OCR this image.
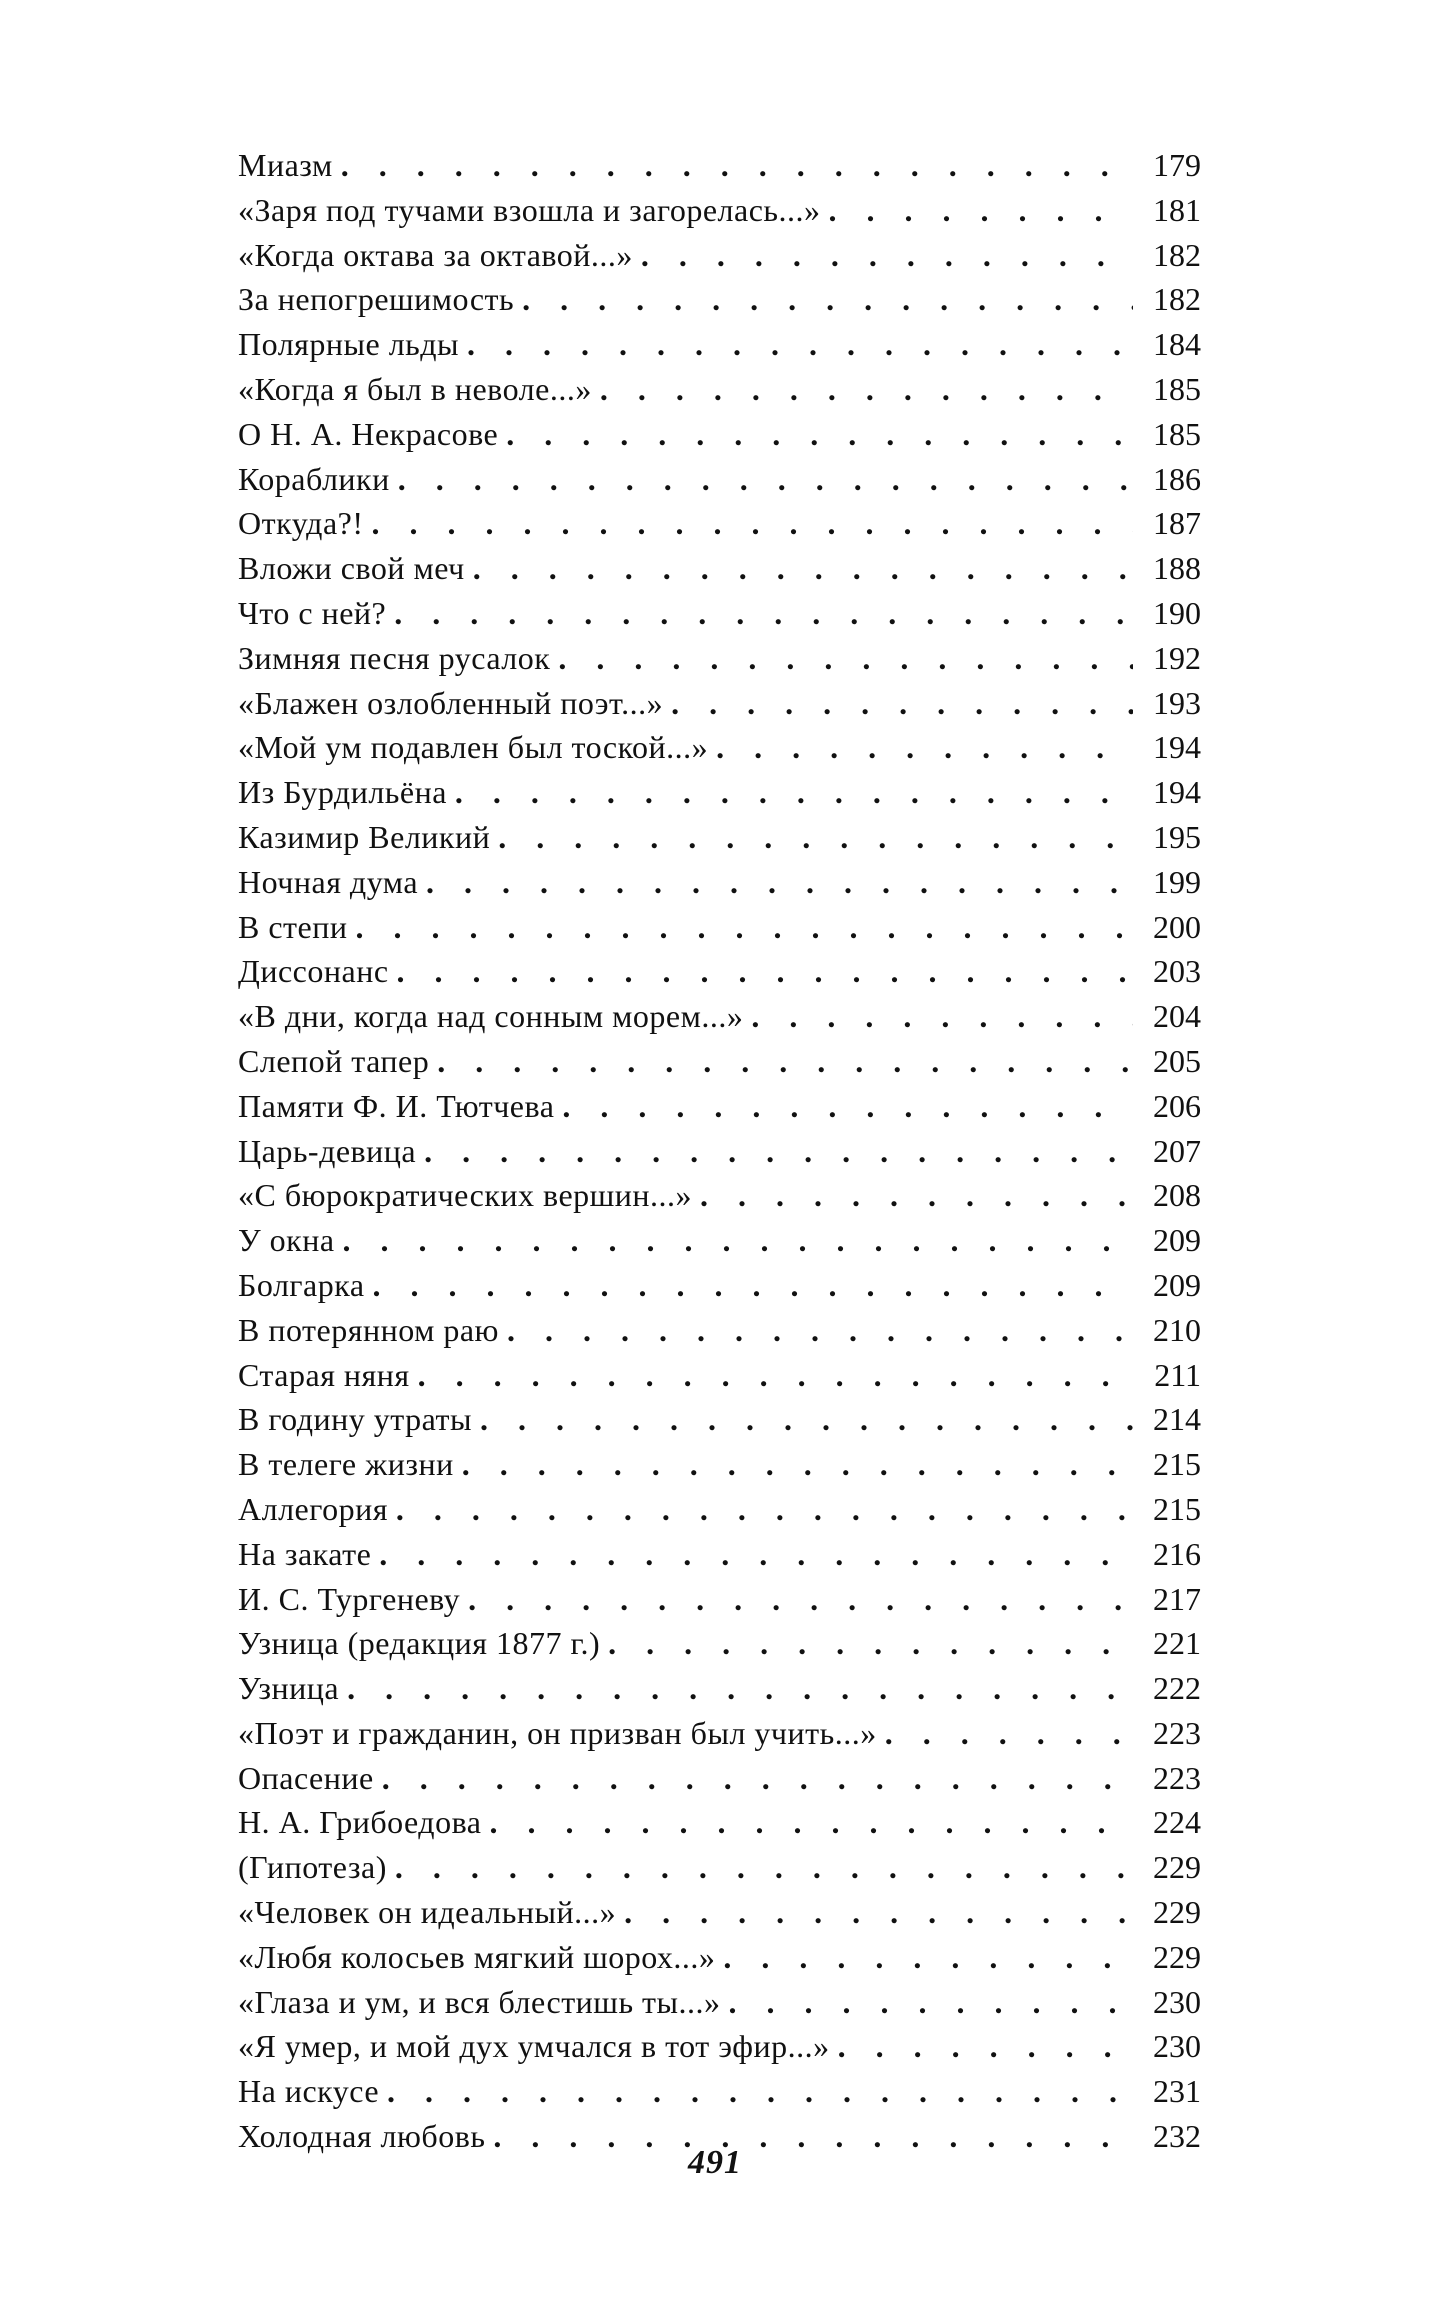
Миазм . . .	179
«Заря под тучами взошла и загорелась...» . . .	181
«Когда октава за октавой...» . . .	182
За непогрешимость . . .	182
Полярные льды . . .	184
«Когда я был в неволе...» . . .	185
О Н. А. Некрасове . . .	185
Кораблики . . .	186
Откуда?! . . .	187
Вложи свой меч . . .	188
Что с ней? . . .	190
Зимняя песня русалок . . .	192
«Блажен озлобленный поэт...» . . .	193
«Мой ум подавлен был тоской...» . . .	194
Из Бурдильёна . . .	194
Казимир Великий . . .	195
Ночная дума . . .	199
В степи . . .	200
Диссонанс . . .	203
«В дни, когда над сонным морем...» . . .	204
Слепой тапер . . .	205
Памяти Ф. И. Тютчева . . .	206
Царь-девица . . .	207
«С бюрократических вершин...» . . .	208
У окна . . .	209
Болгарка . . .	209
В потерянном раю . . .	210
Старая няня . . .	211
В годину утраты . . .	214
В телеге жизни . . .	215
Аллегория . . .	215
На закате . . .	216
И. С. Тургеневу . . .	217
Узница (редакция 1877 г.) . . .	221
Узница . . .	222
«Поэт и гражданин, он призван был учить...» . . .	223
Опасение . . .	223
Н. А. Грибоедова . . .	224
(Гипотеза) . . .	229
«Человек он идеальный...» . . .	229
«Любя колосьев мягкий шорох...» . . .	229
«Глаза и ум, и вся блестишь ты...» . . .	230
«Я умер, и мой дух умчался в тот эфир...» . . .	230
На искусе . . .	231
Холодная любовь . . .	232
491
